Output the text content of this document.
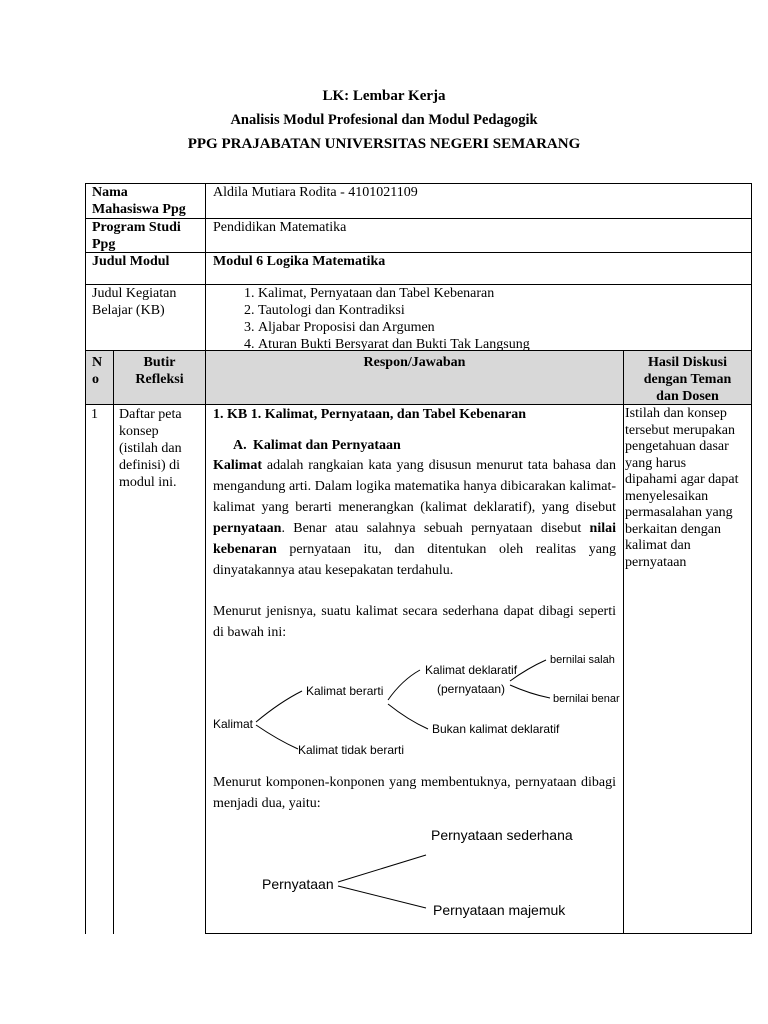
LK: Lembar Kerja
Analisis Modul Profesional dan Modul Pedagogik
PPG PRAJABATAN UNIVERSITAS NEGERI SEMARANG
Nama
Mahasiswa Ppg
Aldila Mutiara Rodita - 4101021109
Program Studi
Ppg
Pendidikan Matematika
Judul Modul	Modul 6 Logika Matematika
Judul Kegiatan
Belajar (KB)
1. Kalimat, Pernyataan dan Tabel Kebenaran
2. Tautologi dan Kontradiksi
3. Aljabar Proposisi dan Argumen
4. Aturan Bukti Bersyarat dan Bukti Tak Langsung
N
o
Butir
Refleksi
Respon/Jawaban	Hasil Diskusi
dengan Teman
dan Dosen
1 Daftar peta
konsep
(istilah dan
definisi) di
modul ini.
1. KB 1. Kalimat, Pernyataan, dan Tabel Kebenaran
A. Kalimat dan Pernyataan
Kalimat adalah rangkaian kata yang disusun menurut tata bahasa dan mengandung arti. Dalam logika matematika hanya dibicarakan kalimat-kalimat yang berarti menerangkan (kalimat deklaratif), yang disebut pernyataan. Benar atau salahnya sebuah pernyataan disebut nilai kebenaran pernyataan itu, dan ditentukan oleh realitas yang dinyatakannya atau kesepakatan terdahulu.
Menurut jenisnya, suatu kalimat secara sederhana dapat dibagi seperti di bawah ini:
Kalimat
Kalimat berarti
Kalimat tidak berarti
Kalimat deklaratif
(pernyataan)
Bukan kalimat deklaratif
bernilai salah
bernilai benar
Menurut komponen-konponen yang membentuknya, pernyataan dibagi menjadi dua, yaitu:
Pernyataan
Pernyataan sederhana
Pernyataan majemuk
Istilah dan konsep
tersebut merupakan
pengetahuan dasar
yang harus
dipahami agar dapat
menyelesaikan
permasalahan yang
berkaitan dengan
kalimat dan
pernyataan
